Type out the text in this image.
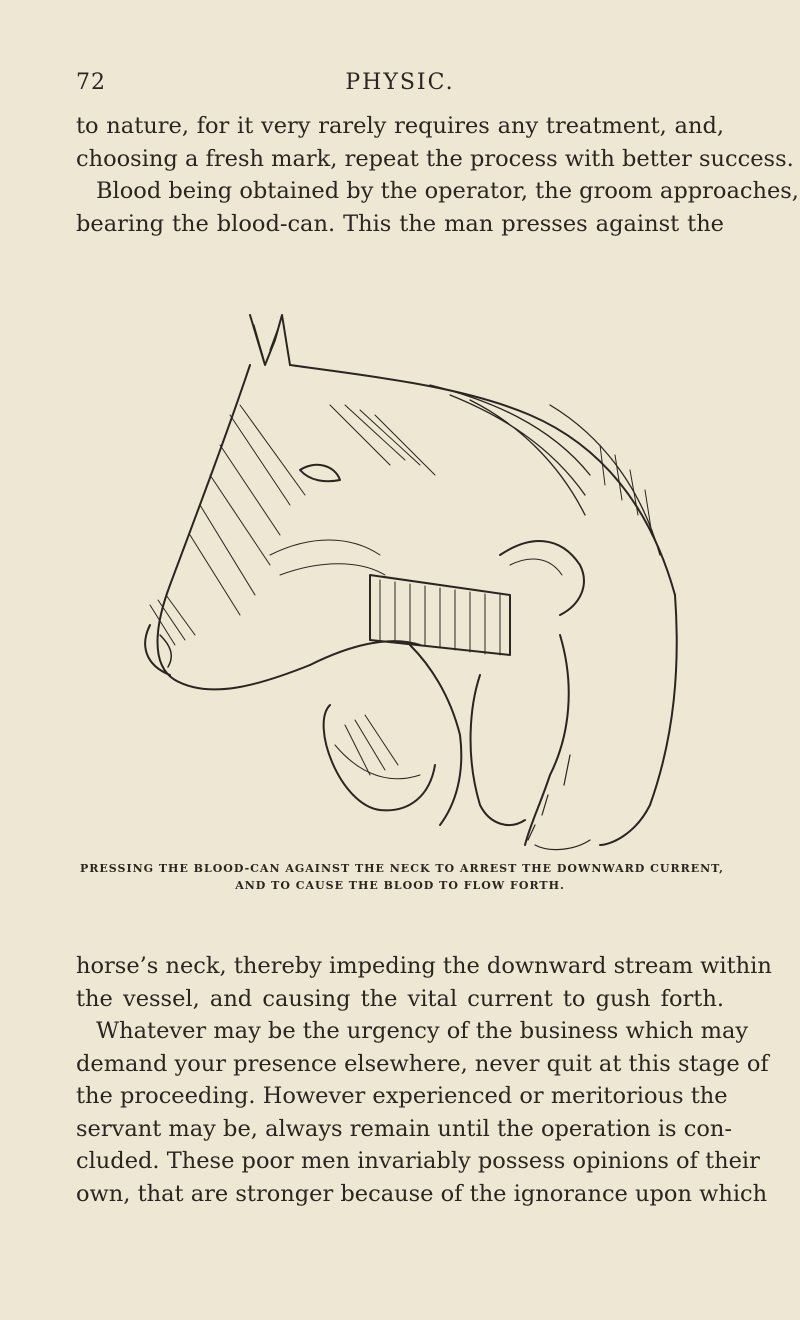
72	PHYSIC.
to nature, for it very rarely requires any treatment, and,
choosing a fresh mark, repeat the process with better success.
Blood being obtained by the operator, the groom approaches,
bearing the blood-can. This the man presses against the
PRESSING THE BLOOD-CAN AGAINST THE NECK TO ARREST THE DOWNWARD CURRENT,
AND TO CAUSE THE BLOOD TO FLOW FORTH.
horse’s neck, thereby impeding the downward stream within
the vessel, and causing the vital current to gush forth.
Whatever may be the urgency of the business which may
demand your presence elsewhere, never quit at this stage of
the proceeding. However experienced or meritorious the
servant may be, always remain until the operation is con-
cluded. These poor men invariably possess opinions of their
own, that are stronger because of the ignorance upon which
